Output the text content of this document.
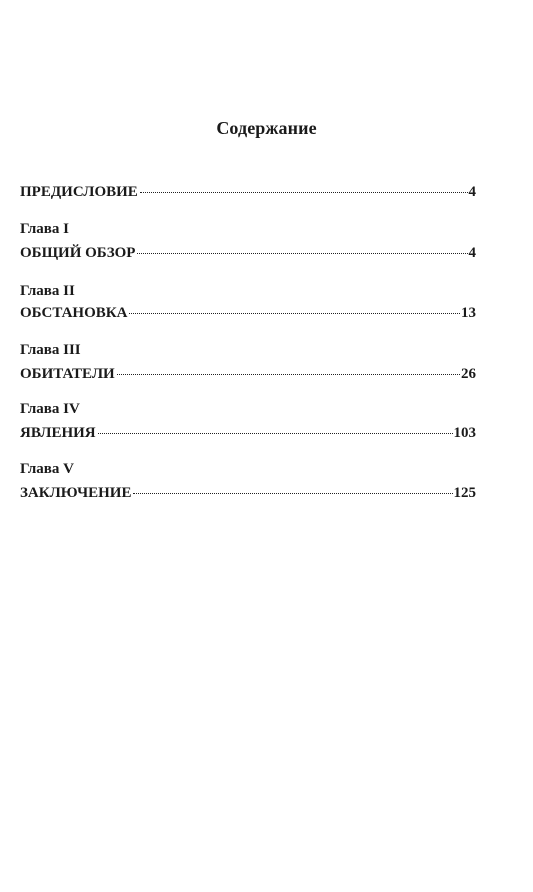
Содержание
ПРЕДИСЛОВИЕ	4
Глава I
ОБЩИЙ ОБЗОР	4
Глава II
ОБСТАНОВКА	13
Глава III
ОБИТАТЕЛИ	26
Глава IV
ЯВЛЕНИЯ	103
Глава V
ЗАКЛЮЧЕНИЕ	125
